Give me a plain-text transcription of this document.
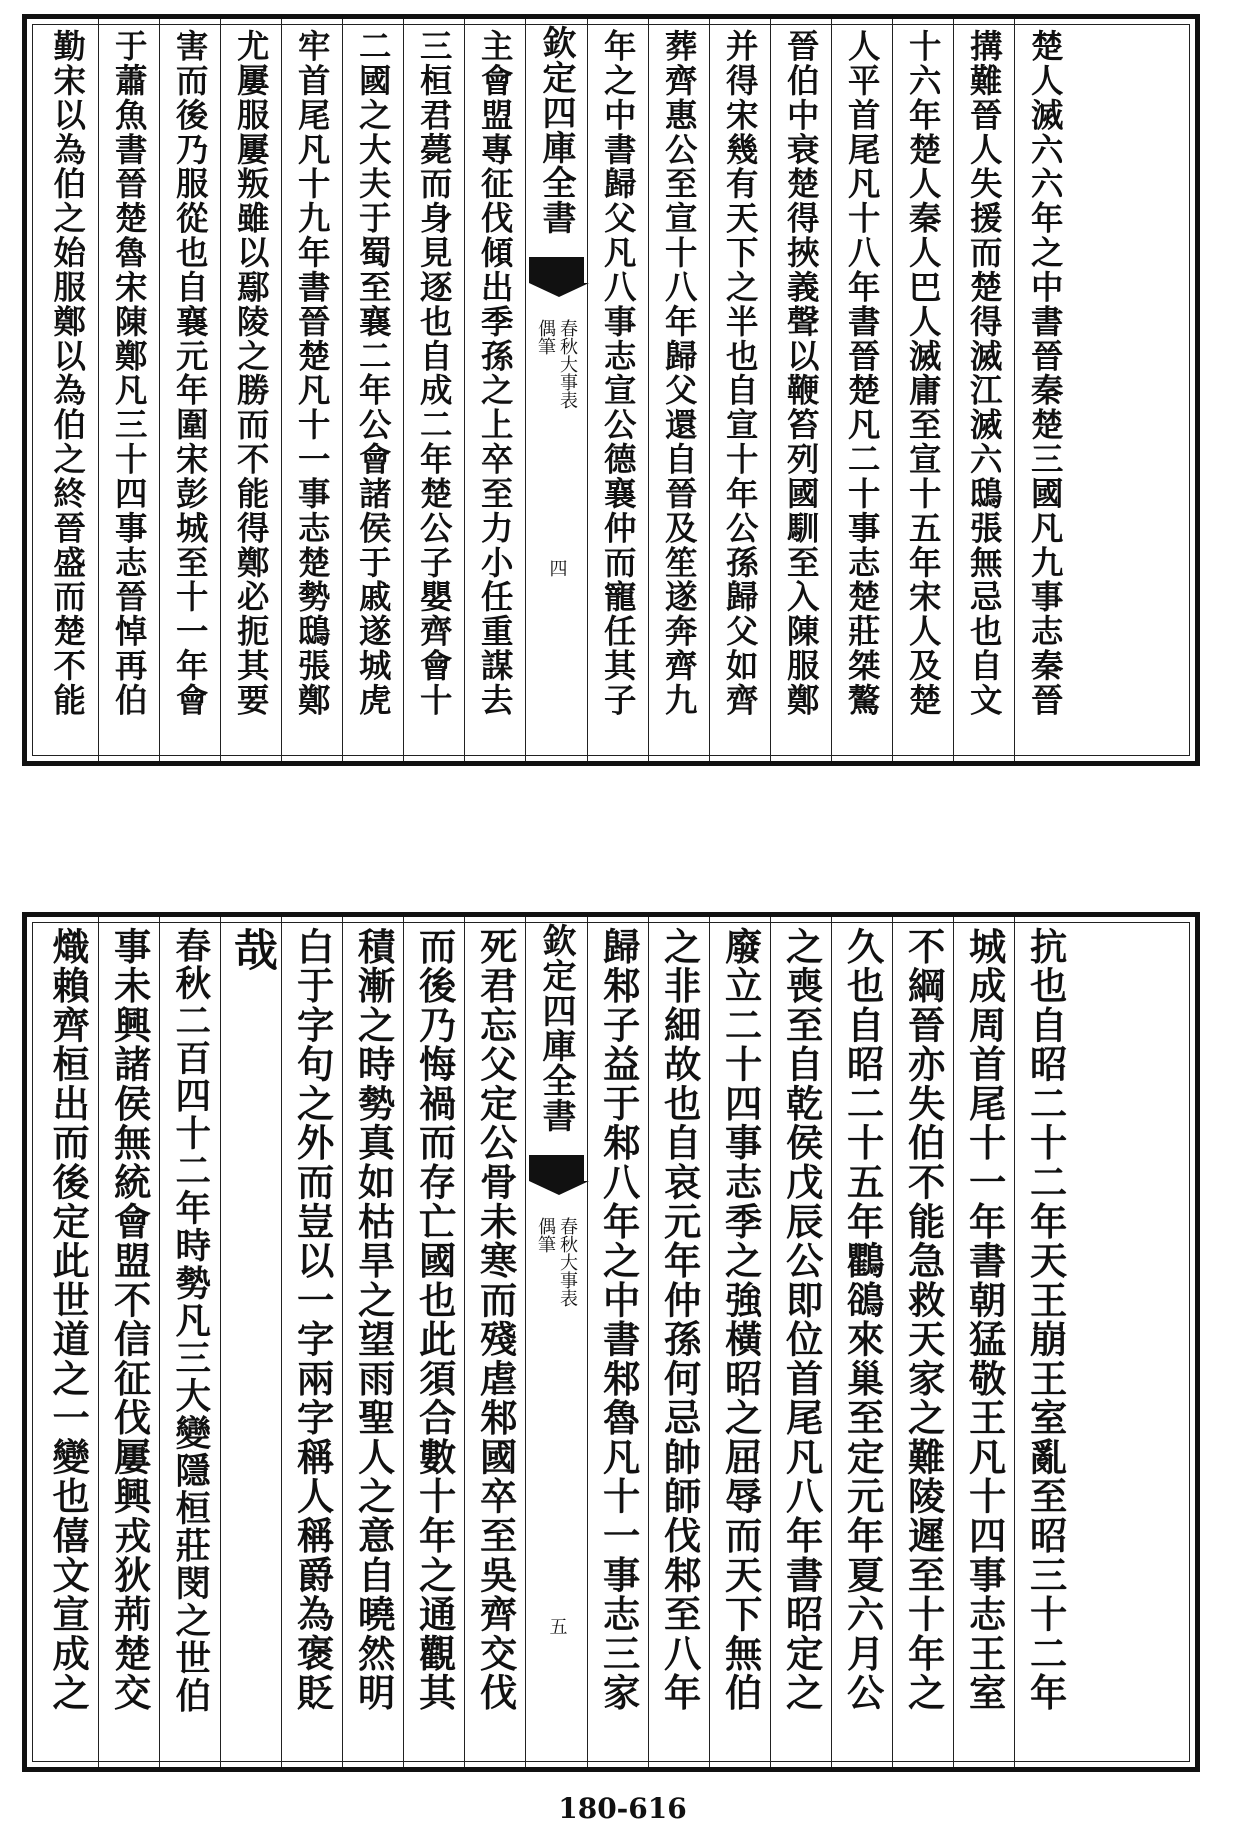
勤宋以為伯之始服鄭以為伯之終晉盛而楚不能 于蕭魚書晉楚魯宋陳鄭凡三十四事志晉悼再伯 害而後乃服從也自襄元年圍宋彭城至十一年會 尤屢服屢叛雖以鄢陵之勝而不能得鄭必扼其要 牢首尾凡十九年書晉楚凡十一事志楚勢鴟張鄭 二國之大夫于蜀至襄二年公會諸侯于戚遂城虎 三桓君薨而身見逐也自成二年楚公子嬰齊會十 主會盟專征伐傾出季孫之上卒至力小任重謀去 欽定四庫全書
春秋大事表
偶筆
四 年之中書歸父凡八事志宣公德襄仲而寵任其子 葬齊惠公至宣十八年歸父還自晉及笙遂奔齊九 并得宋幾有天下之半也自宣十年公孫歸父如齊 晉伯中衰楚得挾義聲以鞭笞列國馴至入陳服鄭 人平首尾凡十八年書晉楚凡二十事志楚莊桀驁 十六年楚人秦人巴人滅庸至宣十五年宋人及楚 搆難晉人失援而楚得滅江滅六鴟張無忌也自文 楚人滅六六年之中書晉秦楚三國凡九事志秦晉
熾賴齊桓出而後定此世道之一變也僖文宣成之 事未興諸侯無統會盟不信征伐屢興戎狄荊楚交 春秋二百四十二年時勢凡三大變隱桓莊閔之世伯 哉 白于字句之外而豈以一字兩字稱人稱爵為褒貶 積漸之時勢真如枯旱之望雨聖人之意自曉然明 而後乃悔禍而存亡國也此須合數十年之通觀其 死君忘父定公骨未寒而殘虐邾國卒至吳齊交伐 欽定四庫全書
春秋大事表
偶筆
五 歸邾子益于邾八年之中書邾魯凡十一事志三家 之非細故也自哀元年仲孫何忌帥師伐邾至八年 廢立二十四事志季之強橫昭之屈辱而天下無伯 之喪至自乾侯戊辰公即位首尾凡八年書昭定之 久也自昭二十五年鸜鵒來巢至定元年夏六月公 不綱晉亦失伯不能急救天家之難陵遲至十年之 城成周首尾十一年書朝猛敬王凡十四事志王室 抗也自昭二十二年天王崩王室亂至昭三十二年
180-616
